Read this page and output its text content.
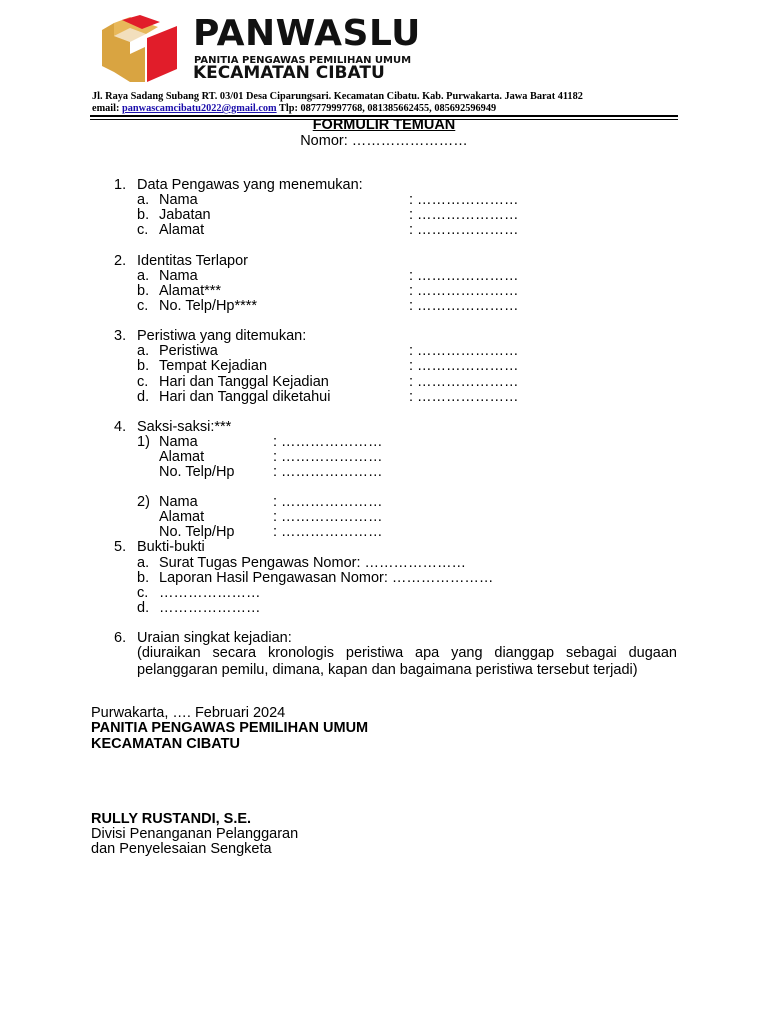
PANWASLU
PANITIA PENGAWAS PEMILIHAN UMUM
KECAMATAN CIBATU
Jl. Raya Sadang Subang RT. 03/01 Desa Ciparungsari. Kecamatan Cibatu. Kab. Purwakarta. Jawa Barat 41182
email: panwascamcibatu2022@gmail.com Tlp: 087779997768, 081385662455, 085692596949
FORMULIR TEMUAN
Nomor: ……………………
1. Data Pengawas yang menemukan:
a. Nama	: …………………
b. Jabatan	: …………………
c. Alamat	: …………………
2. Identitas Terlapor
a. Nama	: …………………
b. Alamat***	: …………………
c. No. Telp/Hp****	: …………………
3. Peristiwa yang ditemukan:
a. Peristiwa	: …………………
b. Tempat Kejadian	: …………………
c. Hari dan Tanggal Kejadian	: …………………
d. Hari dan Tanggal diketahui	: …………………
4. Saksi-saksi:***
1) Nama	: …………………
Alamat	: …………………
No. Telp/Hp	: …………………
2) Nama	: …………………
Alamat	: …………………
No. Telp/Hp	: …………………
5. Bukti-bukti
a. Surat Tugas Pengawas Nomor: …………………
b. Laporan Hasil Pengawasan Nomor: …………………
c. …………………
d. …………………
6. Uraian singkat kejadian:
(diuraikan secara kronologis peristiwa apa yang dianggap sebagai dugaan pelanggaran pemilu, dimana, kapan dan bagaimana peristiwa tersebut terjadi)
Purwakarta, …. Februari 2024
PANITIA PENGAWAS PEMILIHAN UMUM
KECAMATAN CIBATU
RULLY RUSTANDI, S.E.
Divisi Penanganan Pelanggaran
dan Penyelesaian Sengketa
